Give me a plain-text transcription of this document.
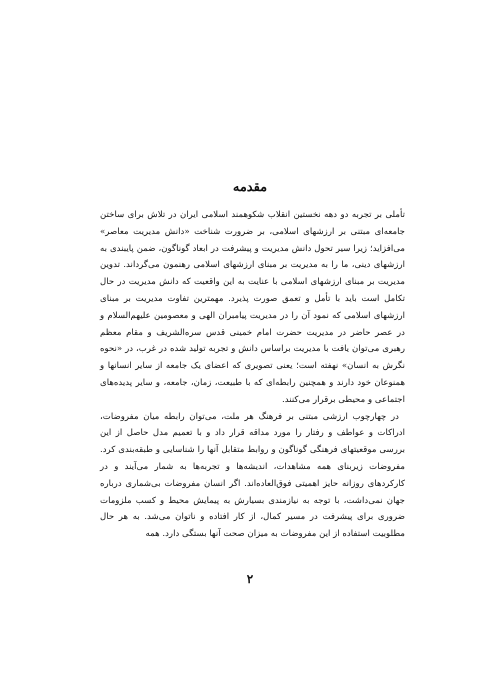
مقدمه

تأملی بر تجربه دو دهه نخستین انقلاب شکوهمند اسلامی ایران در تلاش برای ساختن جامعه‌ای مبتنی بر ارزشهای اسلامی، بر ضرورت شناخت «دانش مدیریت معاصر» می‌افزاید؛ زیرا سیر تحول دانش مدیریت و پیشرفت در ابعاد گوناگون، ضمن پایبندی به ارزشهای دینی، ما را به مدیریت بر مبنای ارزشهای اسلامی رهنمون می‌گرداند. تدوین مدیریت بر مبنای ارزشهای اسلامی با عنایت به این واقعیت که دانش مدیریت در حال تکامل است باید با تأمل و تعمق صورت پذیرد. مهمترین تفاوت مدیریت بر مبنای ارزشهای اسلامی که نمود آن را در مدیریت پیامبران الهی و معصومین علیهم‌السلام و در عصر حاضر در مدیریت حضرت امام خمینی قدس سره‌الشریف و مقام معظم رهبری می‌توان یافت با مدیریت براساس دانش و تجربه تولید شده در غرب، در «نحوه نگرش به انسان» نهفته است؛ یعنی تصویری که اعضای یک جامعه از سایر انسانها و همنوعان خود دارند و همچنین رابطه‌ای که با طبیعت، زمان، جامعه، و سایر پدیده‌های اجتماعی و محیطی برقرار می‌کنند.

در چهارچوب ارزشی مبتنی بر فرهنگ هر ملت، می‌توان رابطه میان مفروضات، ادراکات و عواطف و رفتار را مورد مداقه قرار داد و با تعمیم مدل حاصل از این بررسی موقعیتهای فرهنگی گوناگون و روابط متقابل آنها را شناسایی و طبقه‌بندی کرد. مفروضات زیربنای همه مشاهدات، اندیشه‌ها و تجربه‌ها به شمار می‌آیند و در کارکردهای روزانه حایز اهمیتی فوق‌العاده‌اند. اگر انسان مفروضات بی‌شماری درباره جهان نمی‌داشت، با توجه به نیازمندی بسیارش به پیمایش محیط و کسب ملزومات ضروری برای پیشرفت در مسیر کمال، از کار افتاده و ناتوان می‌شد. به هر حال مطلوبیت استفاده از این مفروضات به میزان صحت آنها بستگی دارد. همه

۲
